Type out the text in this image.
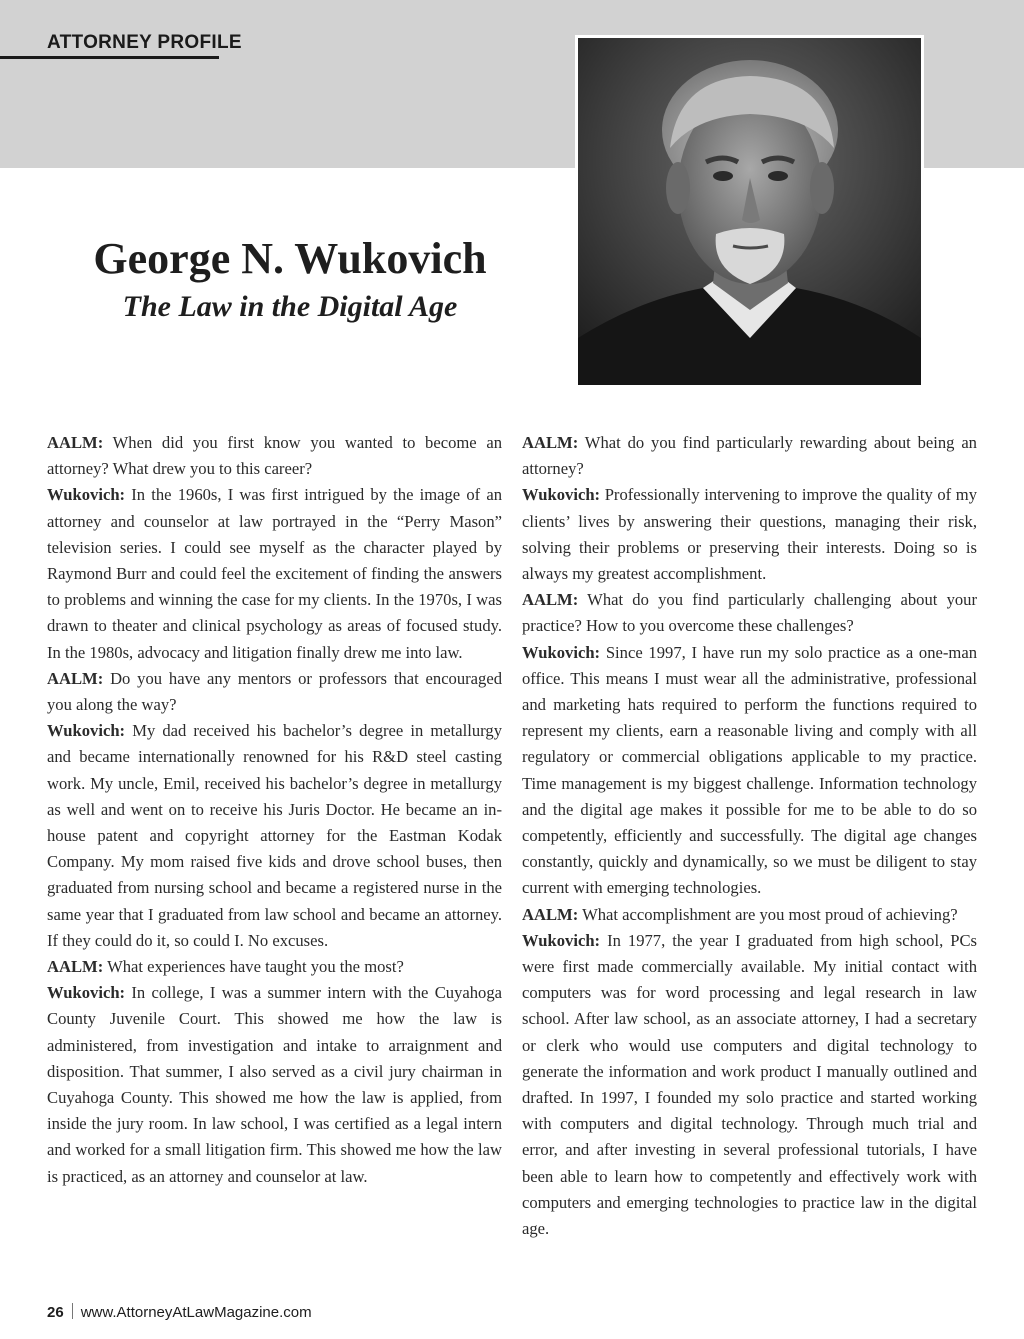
ATTORNEY PROFILE
George N. Wukovich
The Law in the Digital Age

AALM: When did you first know you wanted to become an attorney? What drew you to this career?

Wukovich: In the 1960s, I was first intrigued by the image of an attorney and counselor at law portrayed in the “Perry Mason” television series. I could see myself as the character played by Raymond Burr and could feel the excitement of finding the answers to problems and winning the case for my clients. In the 1970s, I was drawn to theater and clinical psychology as areas of focused study. In the 1980s, advocacy and litigation finally drew me into law.

AALM: Do you have any mentors or professors that encouraged you along the way?

Wukovich: My dad received his bachelor’s degree in metallurgy and became internationally renowned for his R&D steel casting work. My uncle, Emil, received his bachelor’s degree in metallurgy as well and went on to receive his Juris Doctor. He became an in-house patent and copyright attorney for the Eastman Kodak Company. My mom raised five kids and drove school buses, then graduated from nursing school and became a registered nurse in the same year that I graduated from law school and became an attorney. If they could do it, so could I. No excuses.

AALM: What experiences have taught you the most?

Wukovich: In college, I was a summer intern with the Cuyahoga County Juvenile Court. This showed me how the law is administered, from investigation and intake to arraignment and disposition. That summer, I also served as a civil jury chairman in Cuyahoga County. This showed me how the law is applied, from inside the jury room. In law school, I was certified as a legal intern and worked for a small litigation firm. This showed me how the law is practiced, as an attorney and counselor at law.

AALM: What do you find particularly rewarding about being an attorney?

Wukovich: Professionally intervening to improve the quality of my clients’ lives by answering their questions, managing their risk, solving their problems or preserving their interests. Doing so is always my greatest accomplishment.

AALM: What do you find particularly challenging about your practice? How to you overcome these challenges?

Wukovich: Since 1997, I have run my solo practice as a one-man office. This means I must wear all the administrative, professional and marketing hats required to perform the functions required to represent my clients, earn a reasonable living and comply with all regulatory or commercial obligations applicable to my practice. Time management is my biggest challenge. Information technology and the digital age makes it possible for me to be able to do so competently, efficiently and successfully. The digital age changes constantly, quickly and dynamically, so we must be diligent to stay current with emerging technologies.

AALM: What accomplishment are you most proud of achieving?

Wukovich: In 1977, the year I graduated from high school, PCs were first made commercially available. My initial contact with computers was for word processing and legal research in law school. After law school, as an associate attorney, I had a secretary or clerk who would use computers and digital technology to generate the information and work product I manually outlined and drafted. In 1997, I founded my solo practice and started working with computers and digital technology. Through much trial and error, and after investing in several professional tutorials, I have been able to learn how to competently and effectively work with computers and emerging technologies to practice law in the digital age.

26 www.AttorneyAtLawMagazine.com
